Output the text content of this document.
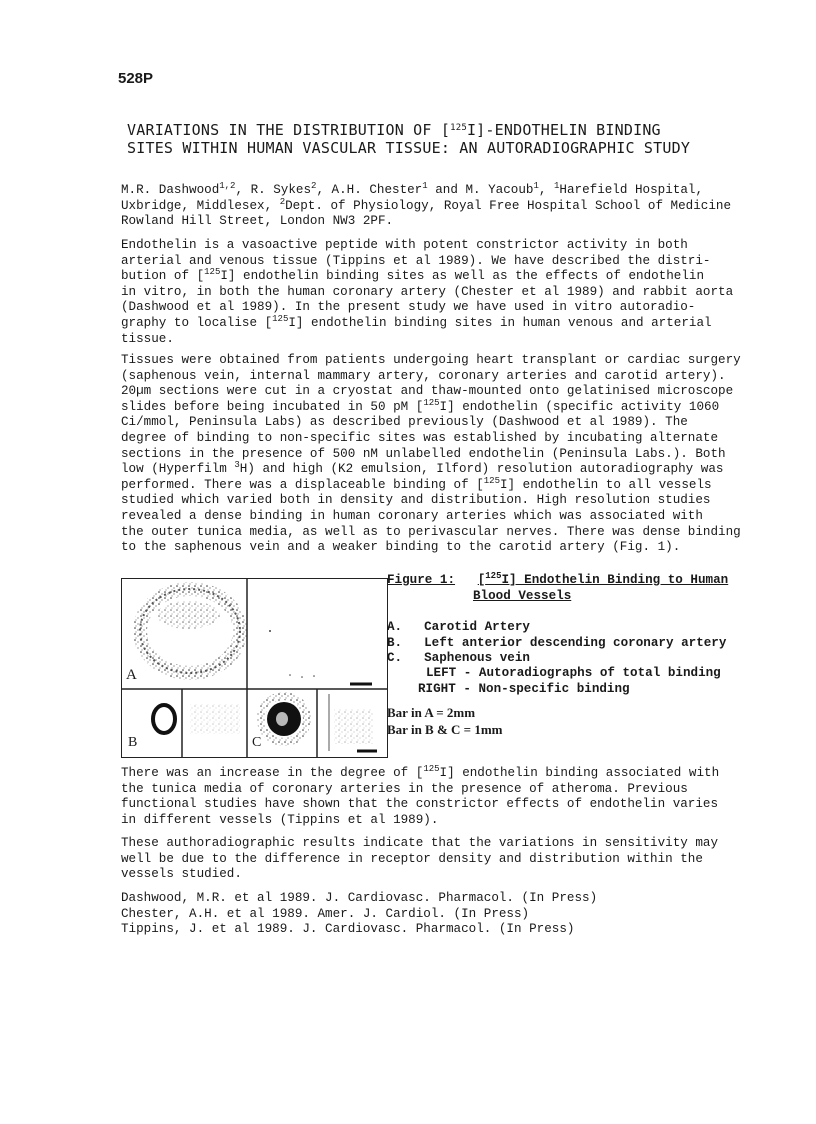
528P
VARIATIONS IN THE DISTRIBUTION OF [$^{125}$I]-ENDOTHELIN BINDING
SITES WITHIN HUMAN VASCULAR TISSUE: AN AUTORADIOGRAPHIC STUDY
M.R. Dashwood$^{1,2}$, R. Sykes$^2$, A.H. Chester$^1$ and M. Yacoub$^1$, $^1$Harefield Hospital,
Uxbridge, Middlesex, $^2$Dept. of Physiology, Royal Free Hospital School of Medicine
Rowland Hill Street, London NW3 2PF.
Endothelin is a vasoactive peptide with potent constrictor activity in both
arterial and venous tissue (Tippins et al 1989). We have described the distri-
bution of [$^{125}$I] endothelin binding sites as well as the effects of endothelin
in vitro, in both the human coronary artery (Chester et al 1989) and rabbit aorta
(Dashwood et al 1989). In the present study we have used in vitro autoradio-
graphy to localise [$^{125}$I] endothelin binding sites in human venous and arterial
tissue.
Tissues were obtained from patients undergoing heart transplant or cardiac surgery
(saphenous vein, internal mammary artery, coronary arteries and carotid artery).
20µm sections were cut in a cryostat and thaw-mounted onto gelatinised microscope
slides before being incubated in 50 pM [$^{125}$I] endothelin (specific activity 1060
Ci/mmol, Peninsula Labs) as described previously (Dashwood et al 1989). The
degree of binding to non-specific sites was established by incubating alternate
sections in the presence of 500 nM unlabelled endothelin (Peninsula Labs.). Both
low (Hyperfilm $^3$H) and high (K2 emulsion, Ilford) resolution autoradiography was
performed. There was a displaceable binding of [$^{125}$I] endothelin to all vessels
studied which varied both in density and distribution. High resolution studies
revealed a dense binding in human coronary arteries which was associated with
the outer tunica media, as well as to perivascular nerves. There was dense binding
to the saphenous vein and a weaker binding to the carotid artery (Fig. 1).
A
B	C
Figure 1: [$^{125}$I] Endothelin Binding to Human
Blood Vessels
A. Carotid Artery
B. Left anterior descending coronary artery
C. Saphenous vein
LEFT - Autoradiographs of total binding
RIGHT - Non-specific binding
Bar in A = 2mm
Bar in B & C = 1mm
There was an increase in the degree of [$^{125}$I] endothelin binding associated with
the tunica media of coronary arteries in the presence of atheroma. Previous
functional studies have shown that the constrictor effects of endothelin varies
in different vessels (Tippins et al 1989).
These authoradiographic results indicate that the variations in sensitivity may
well be due to the difference in receptor density and distribution within the
vessels studied.
Dashwood, M.R. et al 1989. J. Cardiovasc. Pharmacol. (In Press)
Chester, A.H. et al 1989. Amer. J. Cardiol. (In Press)
Tippins, J. et al 1989. J. Cardiovasc. Pharmacol. (In Press)
